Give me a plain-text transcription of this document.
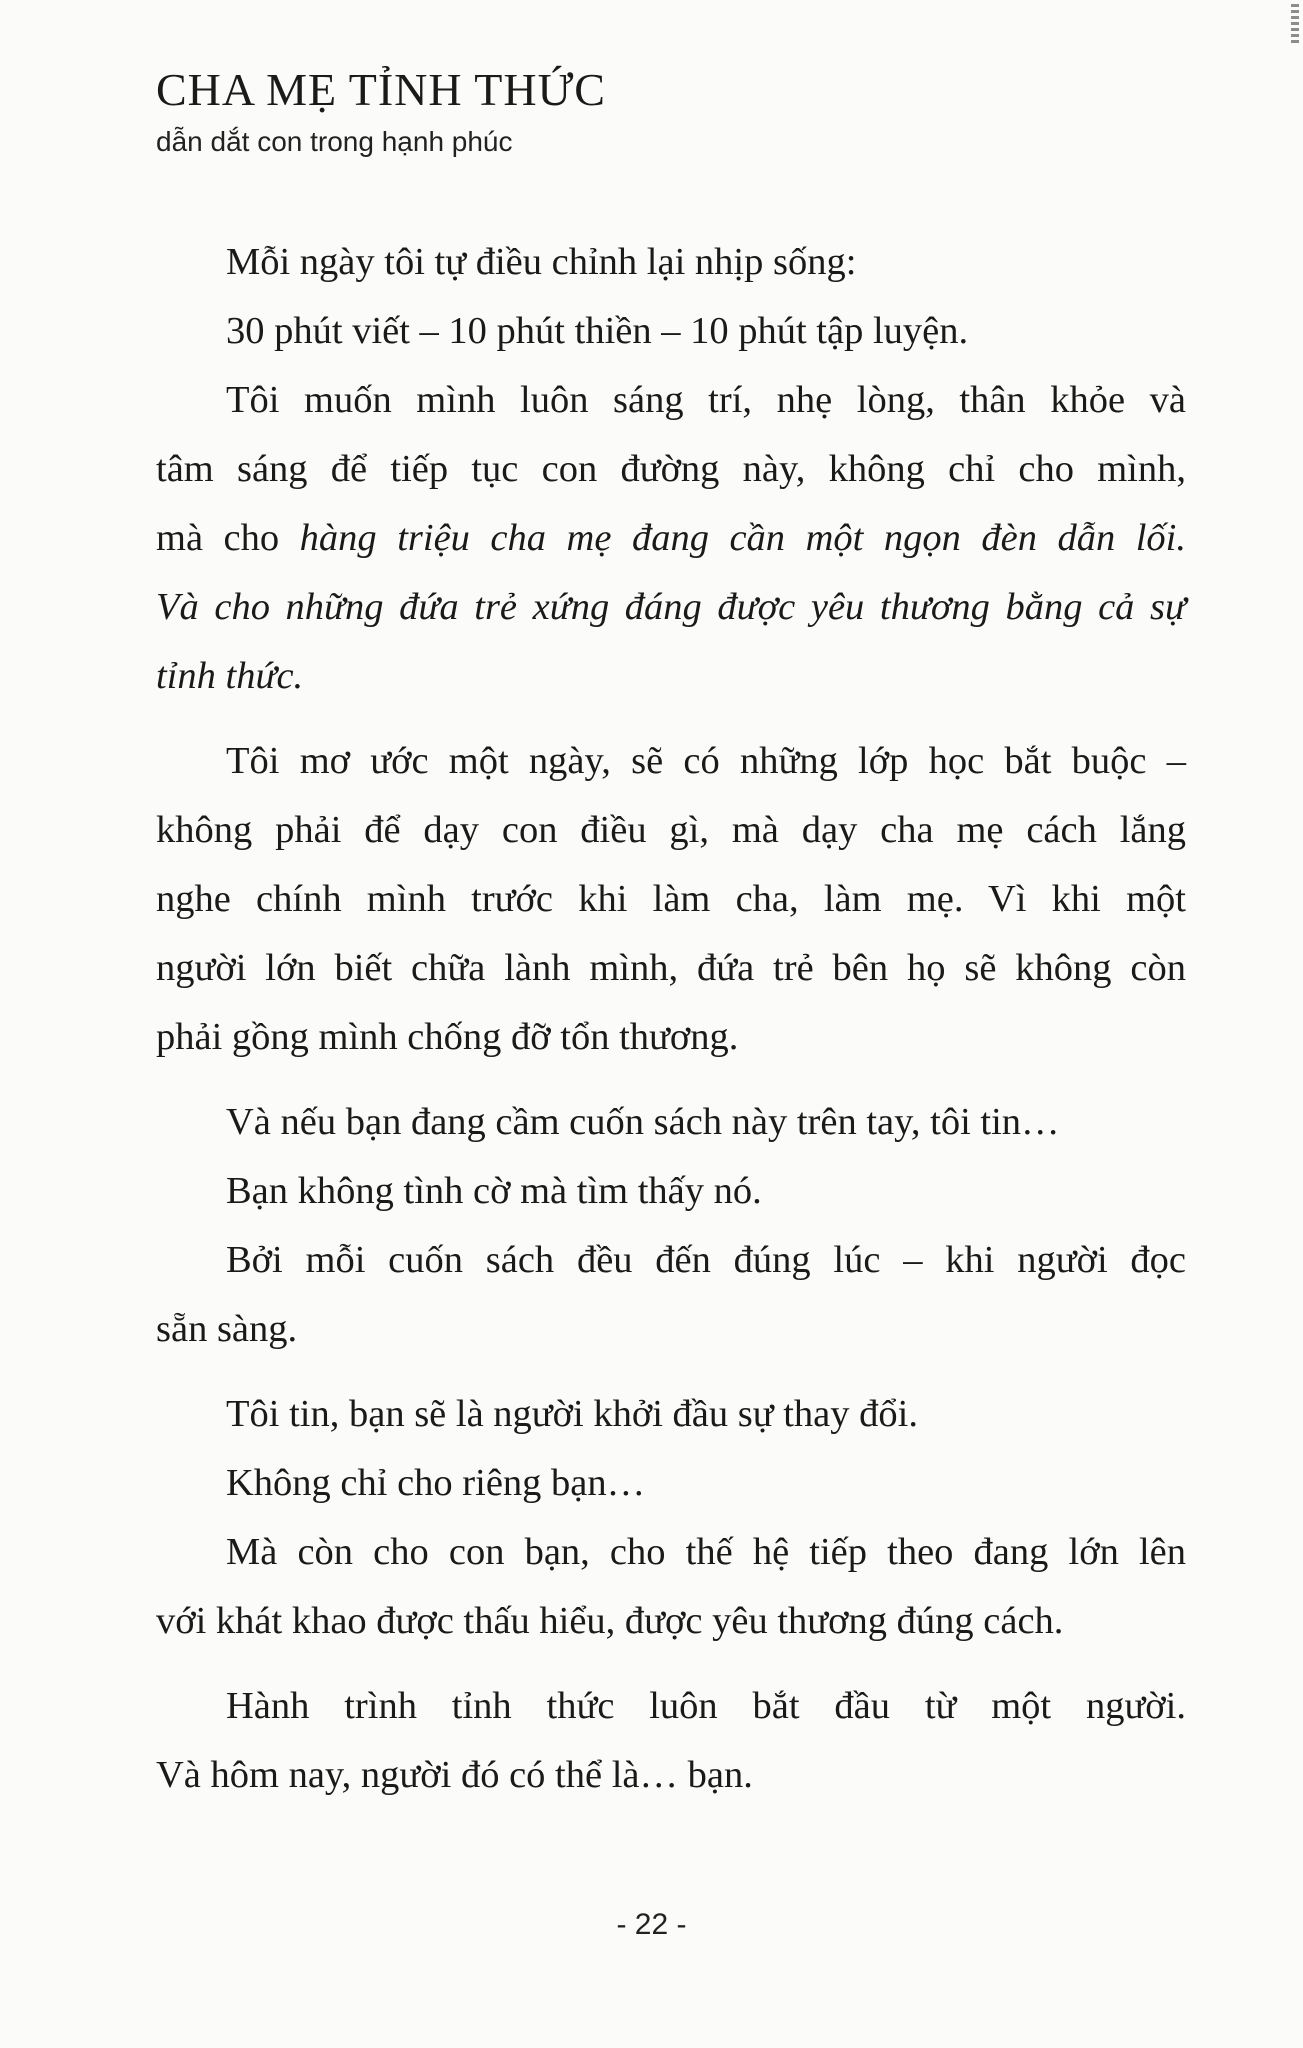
CHA MẸ TỈNH THỨC
dẫn dắt con trong hạnh phúc
Mỗi ngày tôi tự điều chỉnh lại nhịp sống:
30 phút viết – 10 phút thiền – 10 phút tập luyện.
Tôi muốn mình luôn sáng trí, nhẹ lòng, thân khỏe và
tâm sáng để tiếp tục con đường này, không chỉ cho mình,
mà cho hàng triệu cha mẹ đang cần một ngọn đèn dẫn lối.
Và cho những đứa trẻ xứng đáng được yêu thương bằng cả sự
tỉnh thức.
Tôi mơ ước một ngày, sẽ có những lớp học bắt buộc –
không phải để dạy con điều gì, mà dạy cha mẹ cách lắng
nghe chính mình trước khi làm cha, làm mẹ. Vì khi một
người lớn biết chữa lành mình, đứa trẻ bên họ sẽ không còn
phải gồng mình chống đỡ tổn thương.
Và nếu bạn đang cầm cuốn sách này trên tay, tôi tin…
Bạn không tình cờ mà tìm thấy nó.
Bởi mỗi cuốn sách đều đến đúng lúc – khi người đọc
sẵn sàng.
Tôi tin, bạn sẽ là người khởi đầu sự thay đổi.
Không chỉ cho riêng bạn…
Mà còn cho con bạn, cho thế hệ tiếp theo đang lớn lên
với khát khao được thấu hiểu, được yêu thương đúng cách.
Hành trình tỉnh thức luôn bắt đầu từ một người.
Và hôm nay, người đó có thể là… bạn.
- 22 -
